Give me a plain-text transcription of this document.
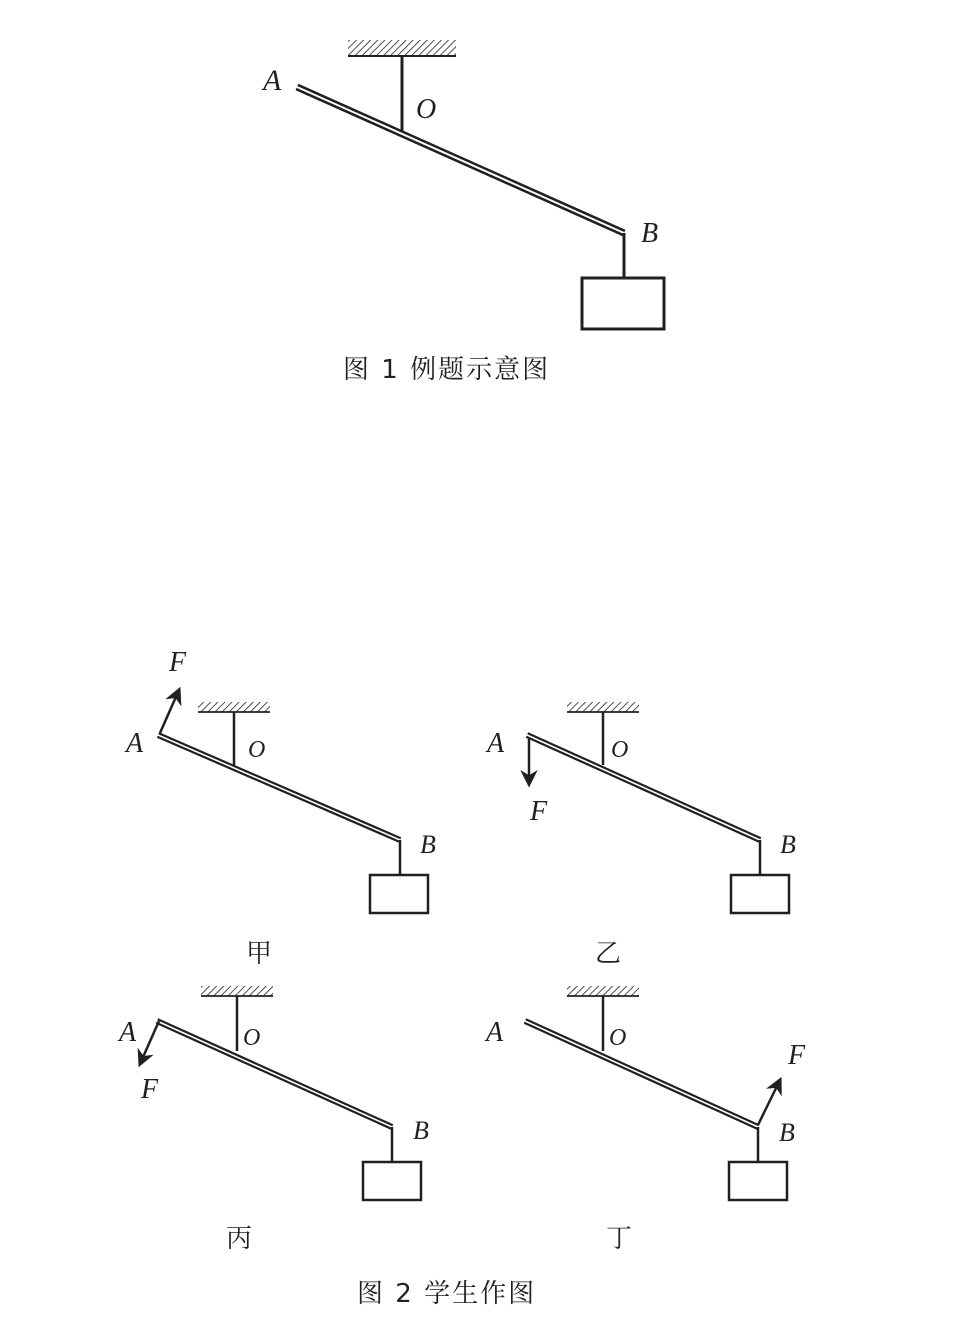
A
O
B
图 1 例题示意图
F
A	O
B
甲
A
F
O
B
乙
A
F
O
B
丙
A
F
O
B
丁
图 2 学生作图
